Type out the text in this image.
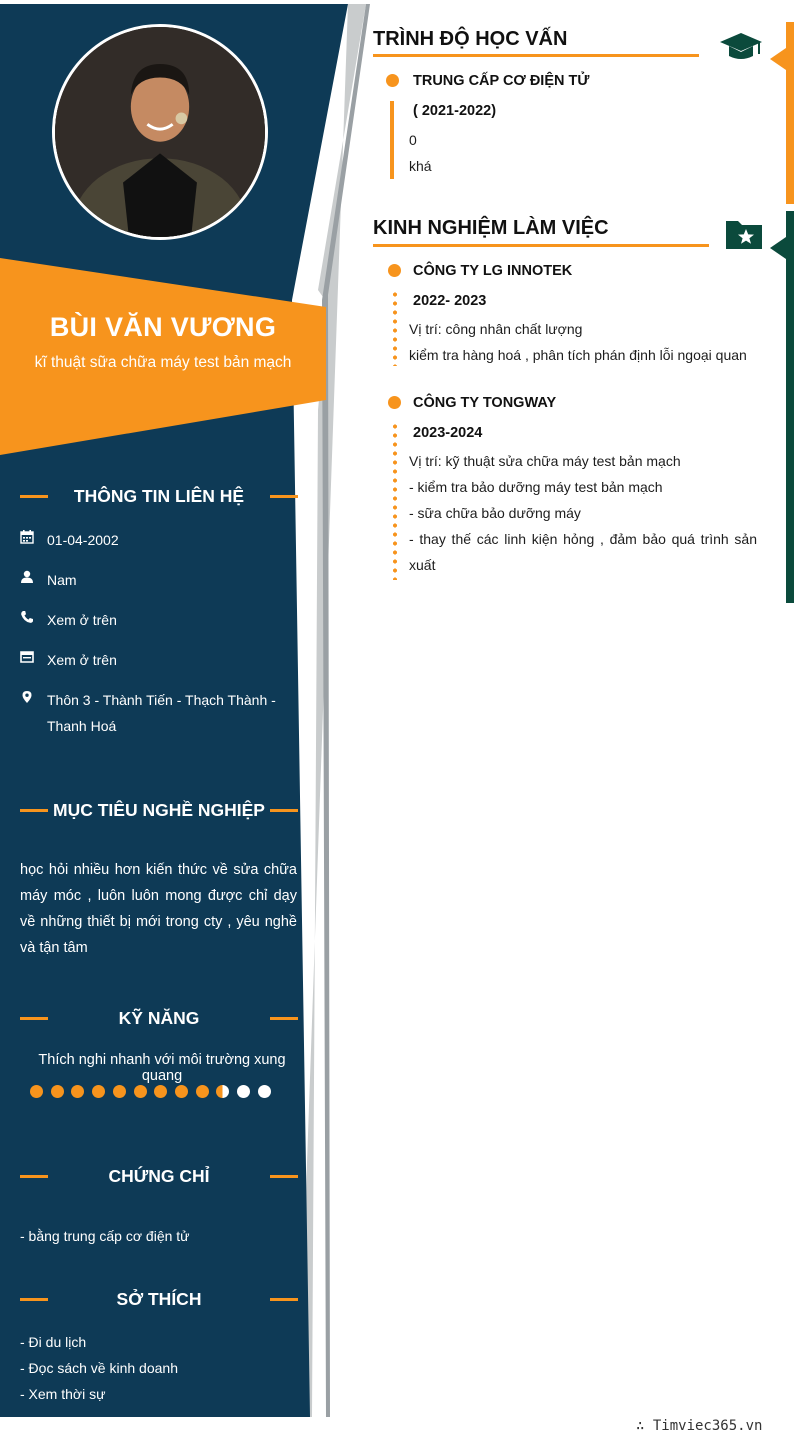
BÙI VĂN VƯƠNG
kĩ thuật sữa chữa máy test bản mạch
THÔNG TIN LIÊN HỆ
01-04-2002
Nam
Xem ở trên
Xem ở trên
Thôn 3 - Thành Tiến - Thạch Thành - Thanh Hoá
MỤC TIÊU NGHỀ NGHIỆP
học hỏi nhiều hơn kiến thức về sửa chữa máy móc , luôn luôn mong được chỉ dạy về những thiết bị mới trong cty , yêu nghề và tận tâm
KỸ NĂNG
Thích nghi nhanh với môi trường xung quang
CHỨNG CHỈ
- bằng trung cấp cơ điện tử
SỞ THÍCH
- Đi du lịch
- Đọc sách về kinh doanh
- Xem thời sự
TRÌNH ĐỘ HỌC VẤN
TRUNG CẤP CƠ ĐIỆN TỬ
( 2021-2022)
0
khá
KINH NGHIỆM LÀM VIỆC
CÔNG TY LG INNOTEK
2022- 2023
Vị trí: công nhân chất lượng
kiểm tra hàng hoá , phân tích phán định lỗi ngoại quan
CÔNG TY TONGWAY
2023-2024
Vị trí: kỹ thuật sửa chữa máy test bản mạch
- kiểm tra bảo dưỡng máy test bản mạch
- sữa chữa bảo dưỡng máy
- thay thế các linh kiện hỏng , đảm bảo quá trình sản xuất
∴ Timviec365.vn
